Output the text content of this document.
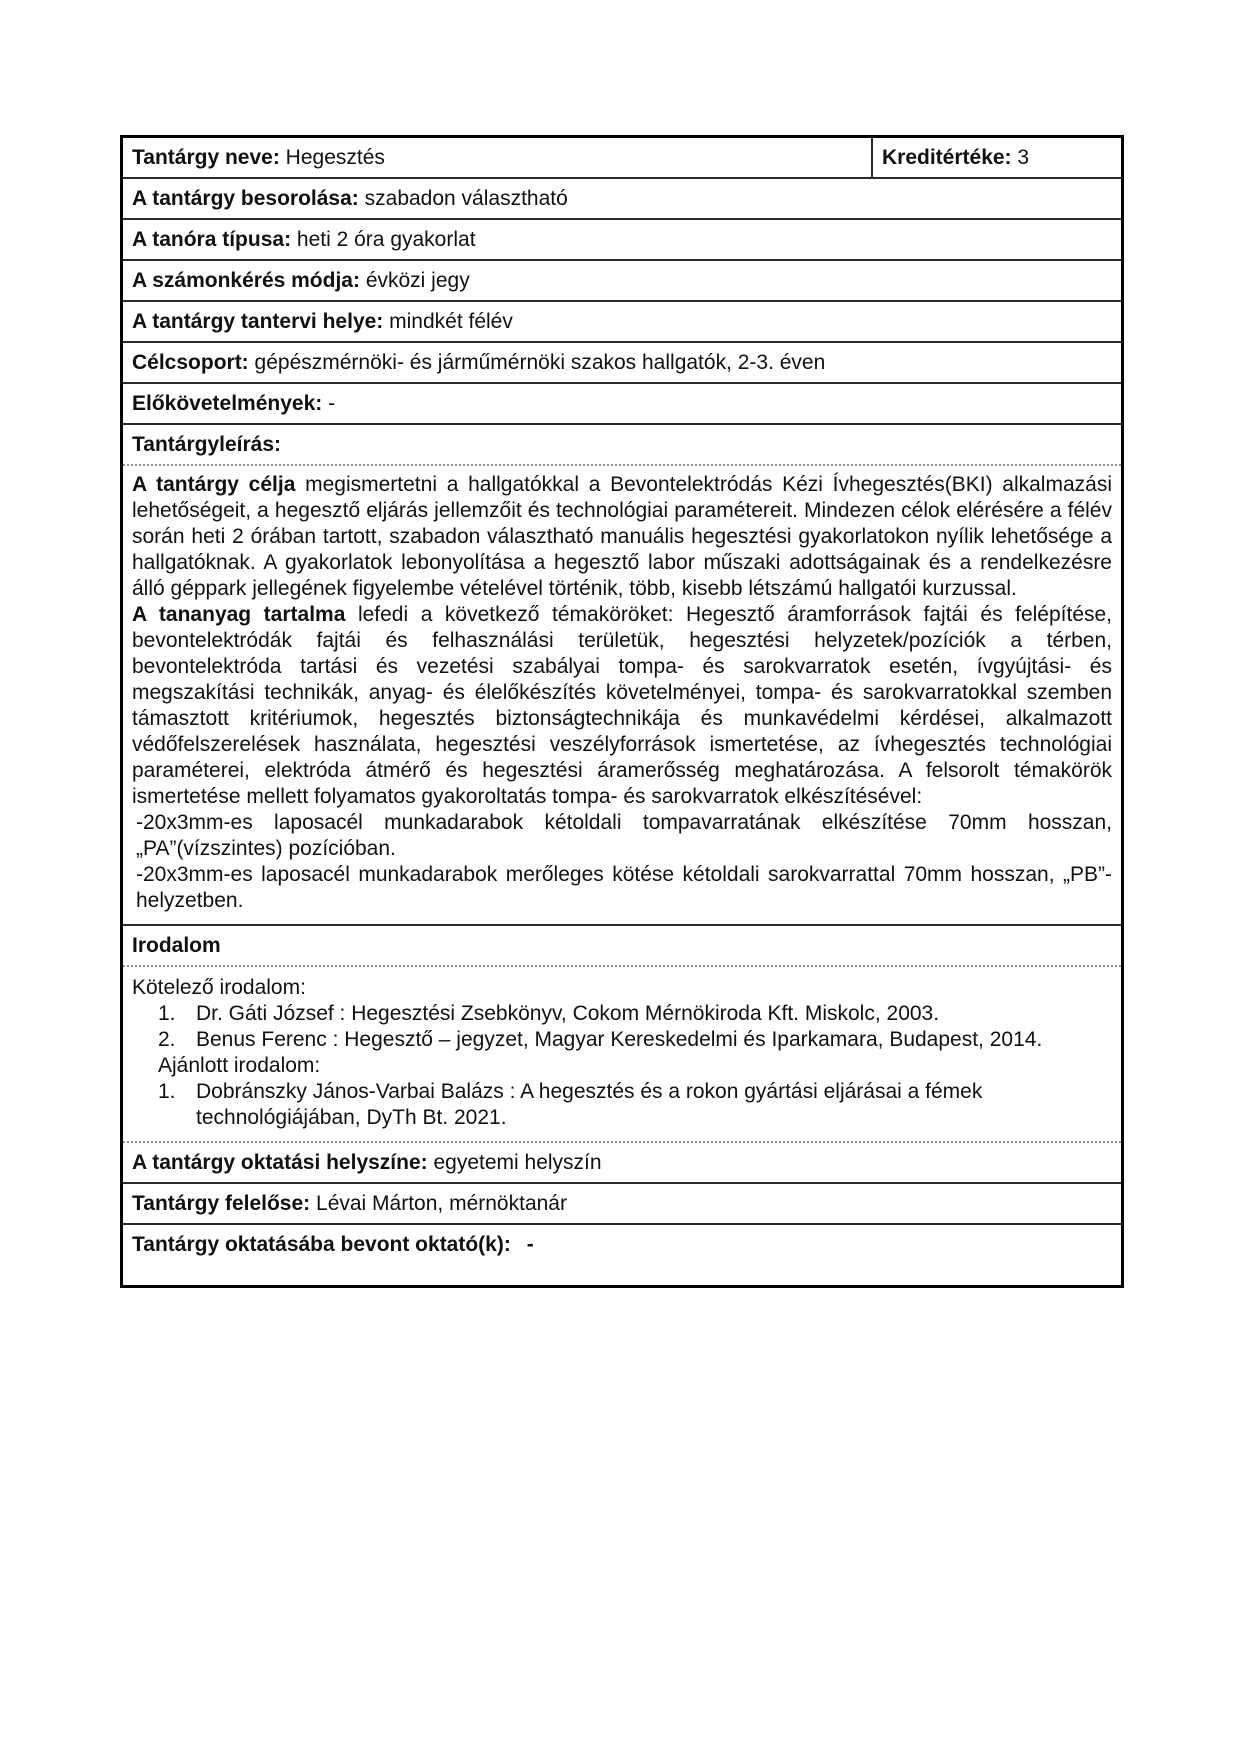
Tantárgy neve: Hegesztés	Kreditértéke: 3
A tantárgy besorolása: szabadon választható
A tanóra típusa: heti 2 óra gyakorlat
A számonkérés módja: évközi jegy
A tantárgy tantervi helye: mindkét félév
Célcsoport: gépészmérnöki- és járműmérnöki szakos hallgatók, 2-3. éven
Előkövetelmények: -
Tantárgyleírás:

A tantárgy célja megismertetni a hallgatókkal a Bevontelektródás Kézi Ívhegesztés(BKI) alkalmazási lehetőségeit, a hegesztő eljárás jellemzőit és technológiai paramétereit. Mindezen célok elérésére a félév során heti 2 órában tartott, szabadon választható manuális hegesztési gyakorlatokon nyílik lehetősége a hallgatóknak. A gyakorlatok lebonyolítása a hegesztő labor műszaki adottságainak és a rendelkezésre álló géppark jellegének figyelembe vételével történik, több, kisebb létszámú hallgatói kurzussal.

A tananyag tartalma lefedi a következő témaköröket: Hegesztő áramforrások fajtái és felépítése, bevontelektródák fajtái és felhasználási területük, hegesztési helyzetek/pozíciók a térben, bevontelektróda tartási és vezetési szabályai tompa- és sarokvarratok esetén, ívgyújtási- és megszakítási technikák, anyag- és élelőkészítés követelményei, tompa- és sarokvarratokkal szemben támasztott kritériumok, hegesztés biztonságtechnikája és munkavédelmi kérdései, alkalmazott védőfelszerelések használata, hegesztési veszélyforrások ismertetése, az ívhegesztés technológiai paraméterei, elektróda átmérő és hegesztési áramerősség meghatározása. A felsorolt témakörök ismertetése mellett folyamatos gyakoroltatás tompa- és sarokvarratok elkészítésével:

-20x3mm-es laposacél munkadarabok kétoldali tompavarratának elkészítése 70mm hosszan, „PA”(vízszintes) pozícióban.

-20x3mm-es laposacél munkadarabok merőleges kötése kétoldali sarokvarrattal 70mm hosszan, „PB”-helyzetben.

Irodalom
Kötelező irodalom:
1. Dr. Gáti József : Hegesztési Zsebkönyv, Cokom Mérnökiroda Kft. Miskolc, 2003.
2. Benus Ferenc : Hegesztő – jegyzet, Magyar Kereskedelmi és Iparkamara, Budapest, 2014.
Ajánlott irodalom:
1. Dobránszky János-Varbai Balázs : A hegesztés és a rokon gyártási eljárásai a fémek technológiájában, DyTh Bt. 2021.
A tantárgy oktatási helyszíne: egyetemi helyszín
Tantárgy felelőse: Lévai Márton, mérnöktanár
Tantárgy oktatásába bevont oktató(k): -
